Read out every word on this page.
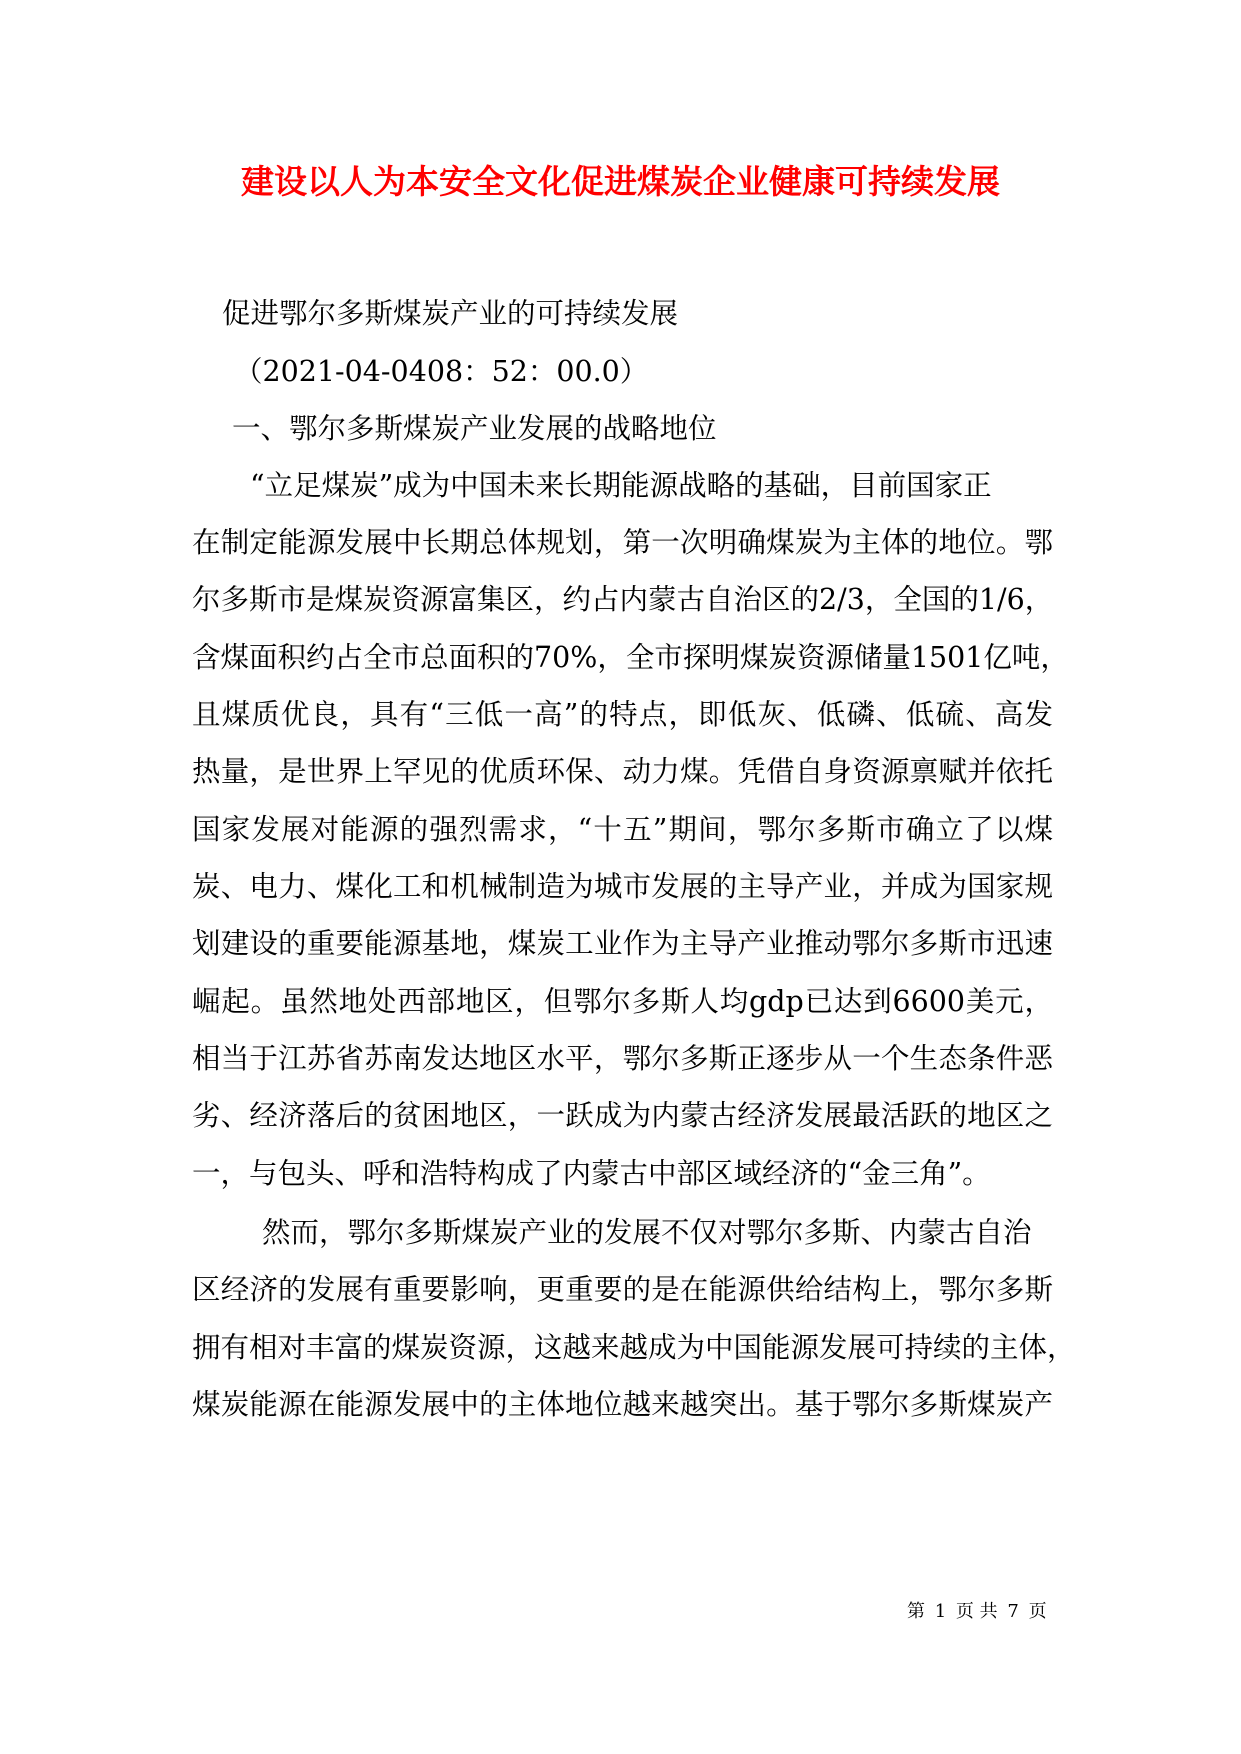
建设以人为本安全文化促进煤炭企业健康可持续发展

促进鄂尔多斯煤炭产业的可持续发展

（2021-04-0408：52：00.0）

一、鄂尔多斯煤炭产业发展的战略地位

“立足煤炭”成为中国未来长期能源战略的基础，目前国家正

在制定能源发展中长期总体规划，第一次明确煤炭为主体的地位。鄂

尔多斯市是煤炭资源富集区，约占内蒙古自治区的2/3，全国的1/6，

含煤面积约占全市总面积的70%，全市探明煤炭资源储量1501亿吨，

且煤质优良，具有“三低一高”的特点，即低灰、低磷、低硫、高发

热量，是世界上罕见的优质环保、动力煤。凭借自身资源禀赋并依托

国家发展对能源的强烈需求，“十五”期间，鄂尔多斯市确立了以煤

炭、电力、煤化工和机械制造为城市发展的主导产业，并成为国家规

划建设的重要能源基地，煤炭工业作为主导产业推动鄂尔多斯市迅速

崛起。虽然地处西部地区，但鄂尔多斯人均gdp已达到6600美元，

相当于江苏省苏南发达地区水平，鄂尔多斯正逐步从一个生态条件恶

劣、经济落后的贫困地区，一跃成为内蒙古经济发展最活跃的地区之

一，与包头、呼和浩特构成了内蒙古中部区域经济的“金三角”。

然而，鄂尔多斯煤炭产业的发展不仅对鄂尔多斯、内蒙古自治

区经济的发展有重要影响，更重要的是在能源供给结构上，鄂尔多斯

拥有相对丰富的煤炭资源，这越来越成为中国能源发展可持续的主体，

煤炭能源在能源发展中的主体地位越来越突出。基于鄂尔多斯煤炭产

第 1 页 共 7 页
